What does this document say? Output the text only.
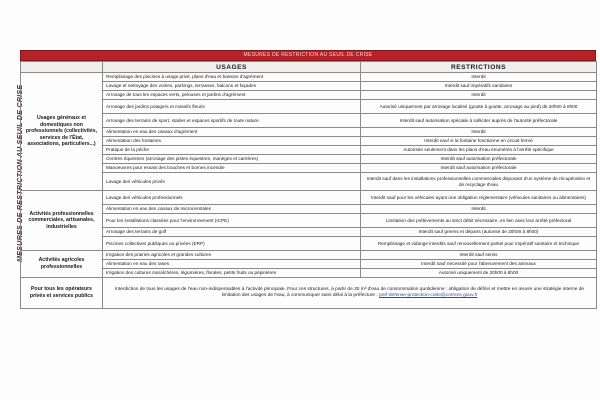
MESURES DE RESTRICTION AU SEUIL DE CRISE
MESURES DE RESTRICTION AU SEUIL DE CRISE
	USAGES	RESTRICTIONS
Usages généraux et domestiques non professionnels (collectivités, services de l'État, associations, particuliers...)	Remplissage des piscines à usage privé, plans d'eau et bassins d'agrément	Interdit
	Lavage et nettoyage des voiries, parkings, terrasses, balcons et façades	Interdit sauf impératifs sanitaires
	Arrosage de tous les espaces verts, pelouses et jardins d'agrément	Interdit
	Arrosage des jardins potagers et massifs fleuris	Autorisé uniquement par arrosage localisé (goutte à goutte, arrosage au pied) de 20h00 à 8h00
	Arrosage des terrains de sport, stades et espaces sportifs de toute nature	Interdit sauf autorisation spéciale à solliciter auprès de l'autorité préfectorale
	Alimentation en eau des canaux d'agrément	Interdit
	Alimentation des fontaines	Interdit sauf si la fontaine fonctionne en circuit fermé
	Pratique de la pêche	Autorisée seulement dans les plans d'eau énumérés à l'arrêté spécifique
	Centres équestres (arrosage des pistes équestres, manèges et carrières)	Interdit sauf autorisation préfectorale
	Manoeuvres pour essais des bouches et bornes incendie	Interdit sauf autorisation préfectorale
	Lavage des véhicules privés	Interdit sauf dans les installations professionnelles commerciales disposant d'un système de récupération et de recyclage d'eau
Activités professionnelles commerciales, artisanales, industrielles	Lavage des véhicules professionnels	Interdit sauf pour les véhicules ayant une obligation réglementaire (véhicules sanitaires ou alimentaires)
	Alimentation en eau des canaux de microcentrales	Interdit
	Pour les installations classées pour l'environnement (ICPE)	Limitation des prélèvements au strict débit nécessaire, en lien avec leur arrêté préfectoral
	Arrosage des terrains de golf	Interdit sauf greens et départs (autorisé de 20h00 à 8h00)
	Piscines collectives publiques ou privées (ERP)	Remplissage et vidange interdits sauf renouvellement partiel pour impératif sanitaire et technique
Activités agricoles professionnelles	Irrigation des prairies agricoles et grandes cultures	Interdit sauf semis
	Alimentation en eau des rases	Interdit sauf nécessité pour l'abreuvement des animaux
	Irrigation des cultures maraîchères, légumières, florales, petits fruits ou pépinières	Autorisé uniquement de 20h00 à 8h00
Pour tous les opérateurs privés et services publics	Interdiction de tous les usages de l'eau non-indispensables à l'activité principale. Pour ces structures, à partir de 30 m³ d'eau de consommation quotidienne : obligation de définir et mettre en œuvre une stratégie interne de limitation des usages de l'eau, à communiquer sans délai à la préfecture : pref-defense-protection-civile@correze.gouv.fr	
